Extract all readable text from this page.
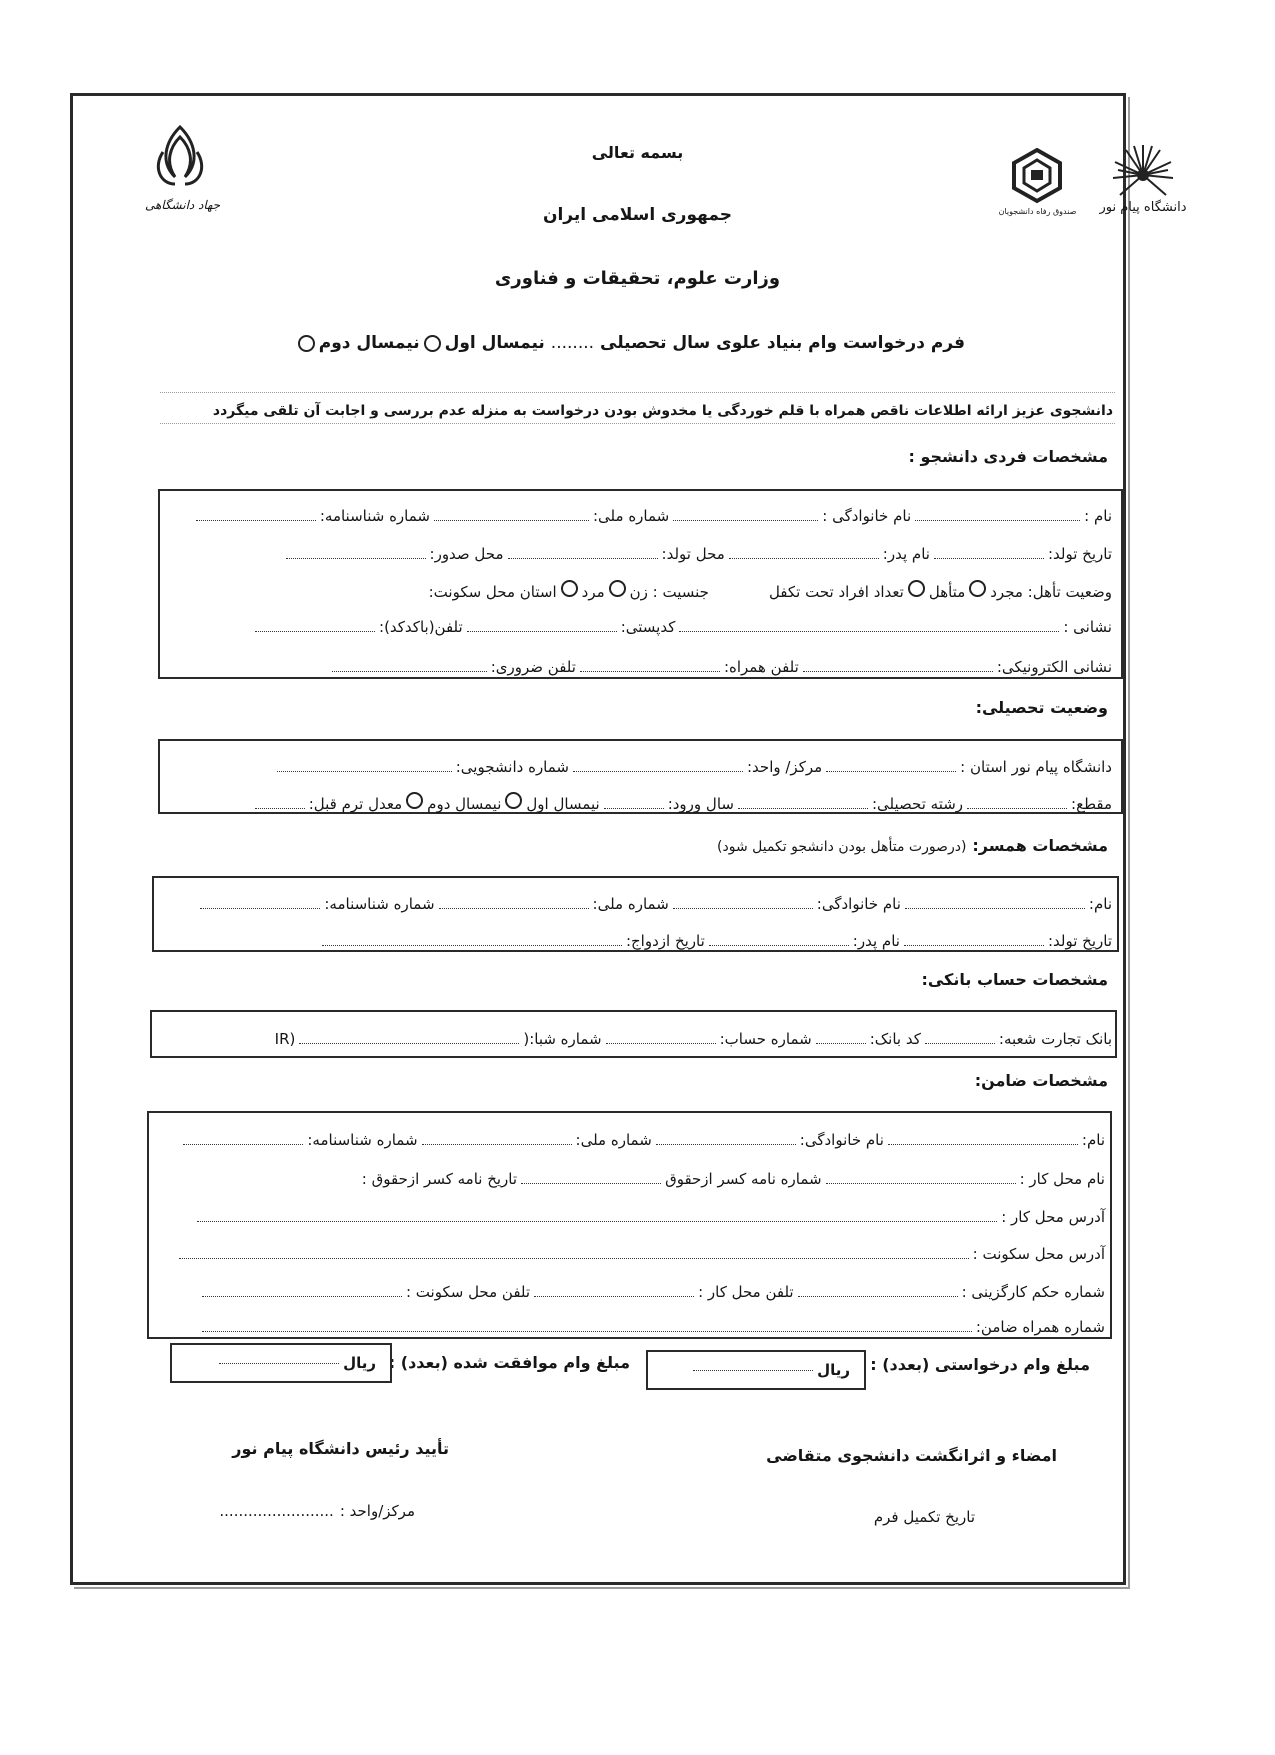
دانشگاه پیام نور
صندوق رفاه دانشجویان
جهاد دانشگاهی
بسمه تعالی
جمهوری اسلامی ایران
وزارت علوم، تحقیقات و فناوری
فرم درخواست وام بنیاد علوی سال تحصیلی
........
نیمسال اول
نیمسال دوم
دانشجوی عزیز ارائه اطلاعات ناقص همراه با قلم خوردگی یا مخدوش بودن درخواست به منزله عدم بررسی و اجابت آن تلقی میگردد
مشخصات فردی دانشجو :
نام :
نام خانوادگی :
شماره ملی:
شماره شناسنامه:
تاریخ تولد:
نام پدر:
محل تولد:
محل صدور:
وضعیت تأهل: مجرد
متأهل
تعداد افراد تحت تکفل
جنسیت : زن
مرد
استان محل سکونت:
نشانی :
کدپستی:
تلفن(باکدکد):
نشانی الکترونیکی:
تلفن همراه:
تلفن ضروری:
وضعیت تحصیلی:
دانشگاه پیام نور استان :
مرکز/ واحد:
شماره دانشجویی:
مقطع:
رشته تحصیلی:
سال ورود:
نیمسال اول
نیمسال دوم
معدل ترم قبل:
مشخصات همسر:
(درصورت متأهل بودن دانشجو تکمیل شود)
نام:
نام خانوادگی:
شماره ملی:
شماره شناسنامه:
تاریخ تولد:
نام پدر:
تاریخ ازدواج:
مشخصات حساب بانکی:
بانک تجارت شعبه:
کد بانک:
شماره حساب:
شماره شبا:(
IR)
مشخصات ضامن:
نام:
نام خانوادگی:
شماره ملی:
شماره شناسنامه:
نام محل کار :
شماره نامه کسر ازحقوق
تاریخ نامه کسر ازحقوق :
آدرس محل کار :
آدرس محل سکونت :
شماره حکم کارگزینی :
تلفن محل کار :
تلفن محل سکونت :
شماره همراه ضامن:
مبلغ وام درخواستی (بعدد) :
ریال
مبلغ وام موافقت شده (بعدد) :
ریال
امضاء و اثرانگشت دانشجوی متقاضی
تاریخ تکمیل فرم
تأیید رئیس دانشگاه پیام نور
مرکز/واحد :
........................
